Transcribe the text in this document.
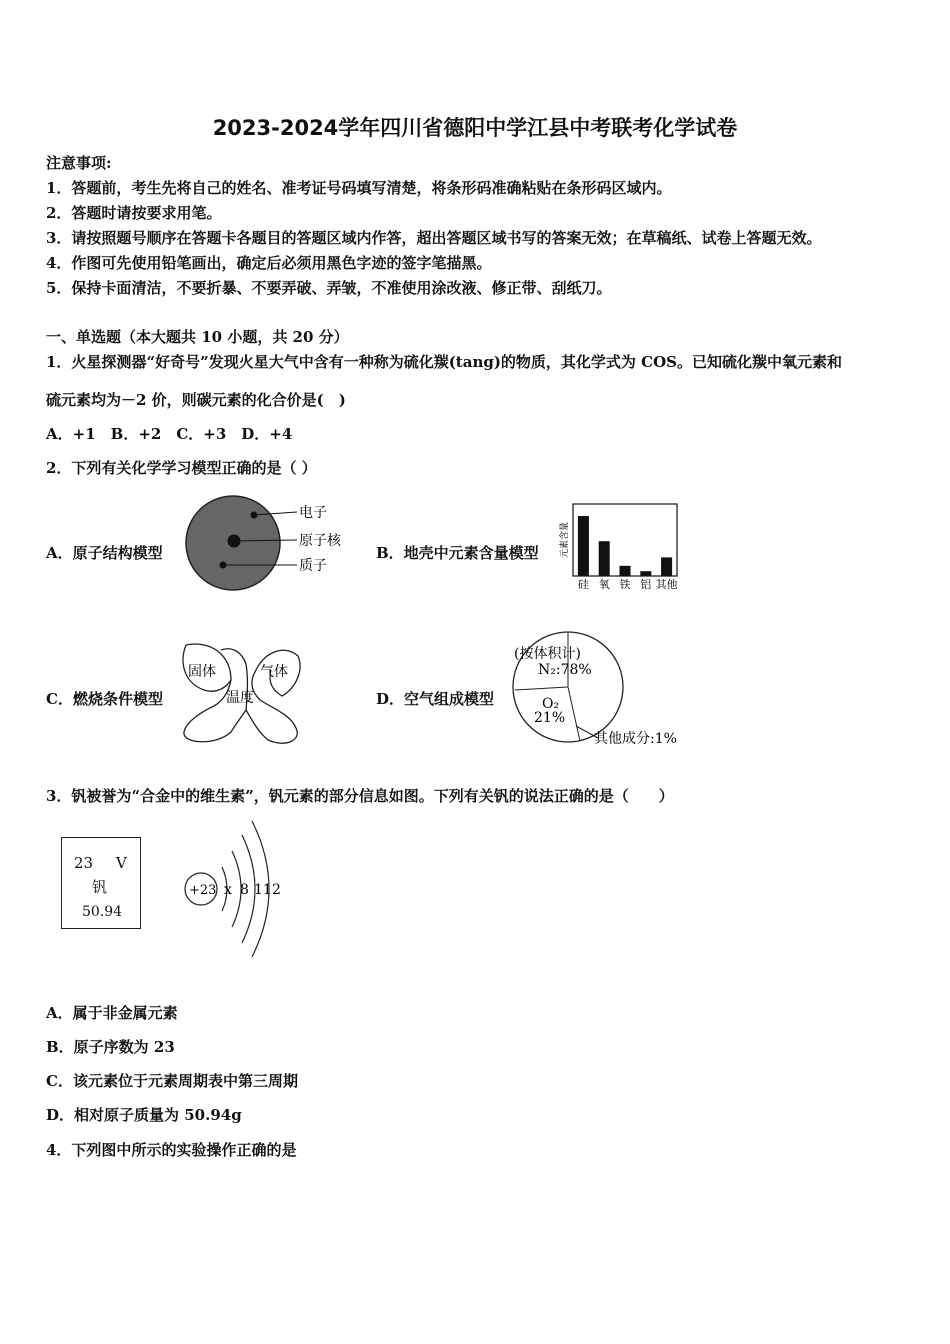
2023-2024学年四川省德阳中学江县中考联考化学试卷
注意事项:
1．答题前，考生先将自己的姓名、准考证号码填写清楚，将条形码准确粘贴在条形码区域内。
2．答题时请按要求用笔。
3．请按照题号顺序在答题卡各题目的答题区域内作答，超出答题区域书写的答案无效；在草稿纸、试卷上答题无效。
4．作图可先使用铅笔画出，确定后必须用黑色字迹的签字笔描黑。
5．保持卡面清洁，不要折暴、不要弄破、弄皱，不准使用涂改液、修正带、刮纸刀。
一、单选题（本大题共 10 小题，共 20 分）
1．火星探测器“好奇号”发现火星大气中含有一种称为硫化羰(tang)的物质，其化学式为 COS。已知硫化羰中氧元素和
硫元素均为－2 价，则碳元素的化合价是(　)
A．+1　B．+2　C．+3　D．+4
2．下列有关化学学习模型正确的是（ ）
A．原子结构模型
电子
原子核
质子
B．地壳中元素含量模型 元素含量
硅 氧 铁 铝 其他
C．燃烧条件模型
固体	气体
温度	D．空气组成模型
(按体积计)
N₂:78%
O₂
21%
其他成分:1%
3．钒被誉为“合金中的维生素”，钒元素的部分信息如图。下列有关钒的说法正确的是（　　）
23 V
钒
50.94
+23 x 8 11 2
A．属于非金属元素
B．原子序数为 23
C．该元素位于元素周期表中第三周期
D．相对原子质量为 50.94g
4．下列图中所示的实验操作正确的是
